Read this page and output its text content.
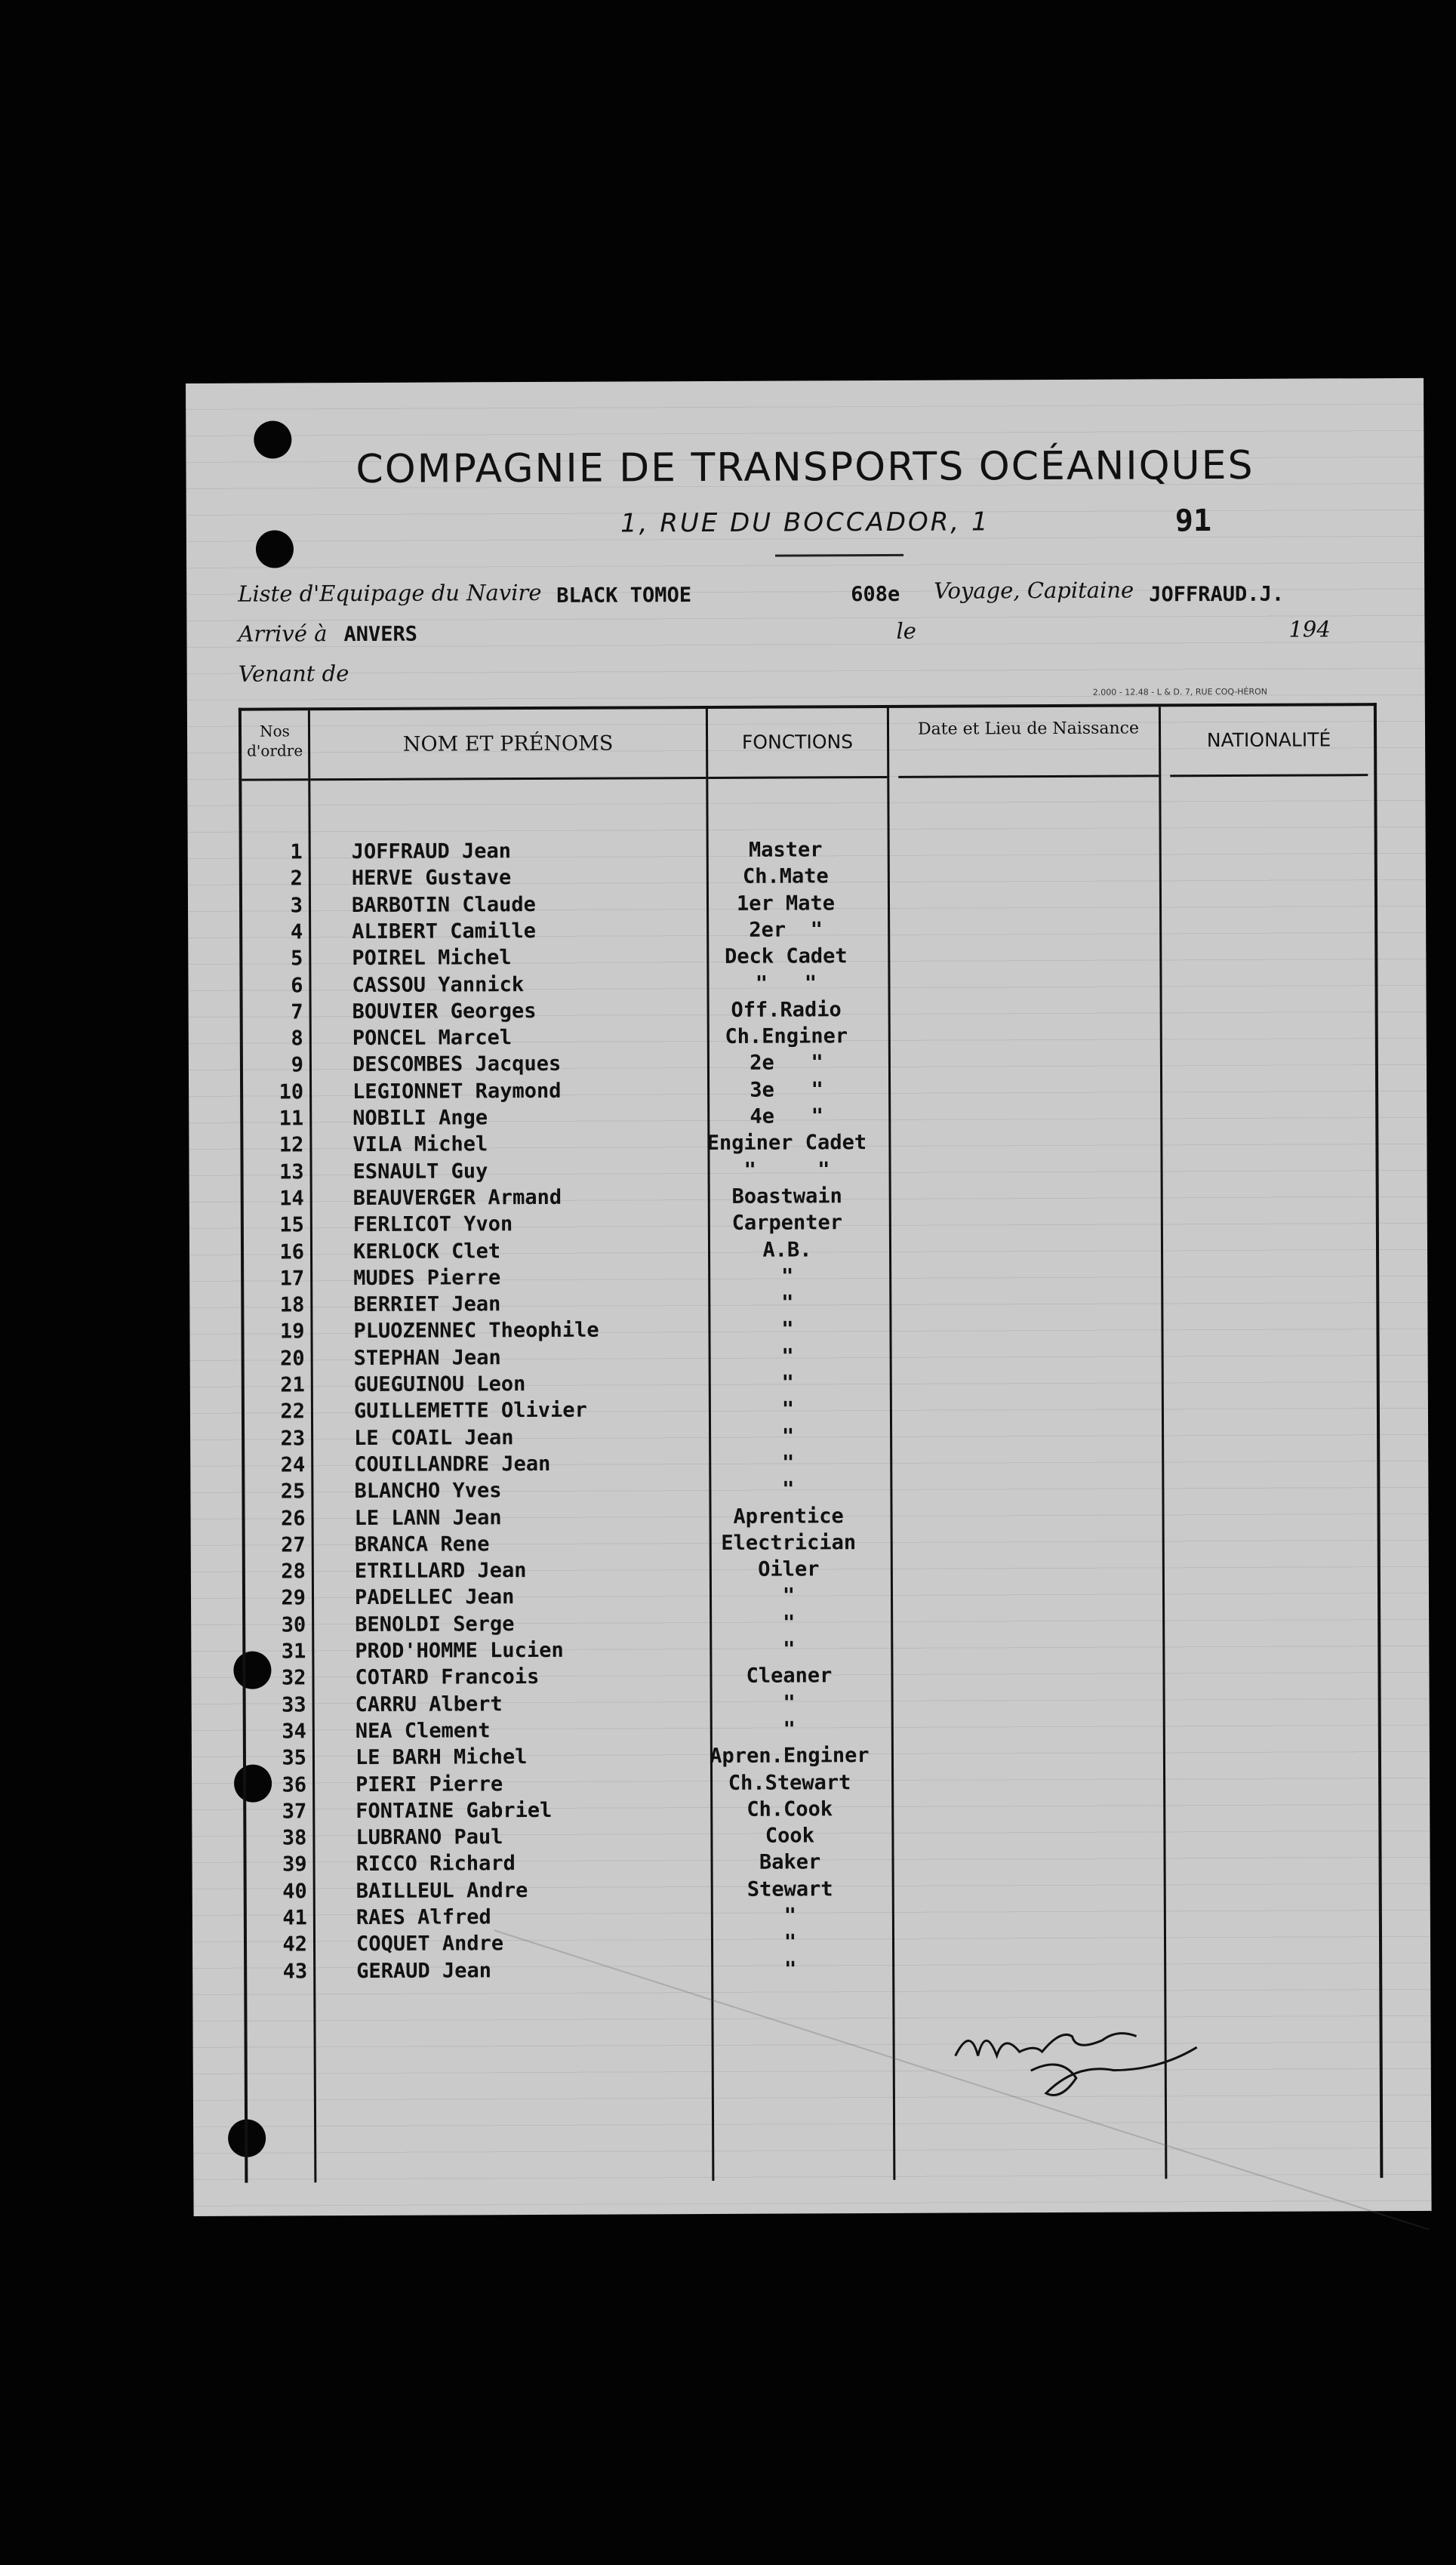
COMPAGNIE DE TRANSPORTS OCÉANIQUES
1, RUE DU BOCCADOR, 1	91
Liste d'Equipage du Navire BLACK TOMOE	608e Voyage, Capitaine JOFFRAUD.J.
Arrivé à ANVERS	le	194
Venant de
2.000 - 12.48 - L & D. 7, RUE COQ-HÉRON
Nos d'ordre	NOM ET PRÉNOMS	FONCTIONS
Date et Lieu de Naissance	NATIONALITÉ
1 JOFFRAUD Jean	Master
2 HERVE Gustave	Ch.Mate
3 BARBOTIN Claude	1er Mate
4 ALIBERT Camille	2er  "
5 POIREL Michel	Deck Cadet
6 CASSOU Yannick	"   "
7 BOUVIER Georges	Off.Radio
8 PONCEL Marcel	Ch.Enginer
9 DESCOMBES Jacques	2e   "
10 LEGIONNET Raymond	3e   "
11 NOBILI Ange	4e   "
12 VILA Michel	Enginer Cadet
13 ESNAULT Guy	"     "
14 BEAUVERGER Armand	Boastwain
15 FERLICOT Yvon	Carpenter
16 KERLOCK Clet	A.B.
17 MUDES Pierre	"
18 BERRIET Jean	"
19 PLUOZENNEC Theophile	"
20 STEPHAN Jean	"
21 GUEGUINOU Leon	"
22 GUILLEMETTE Olivier	"
23 LE COAIL Jean	"
24 COUILLANDRE Jean	"
25 BLANCHO Yves	"
26 LE LANN Jean	Aprentice
27 BRANCA Rene	Electrician
28 ETRILLARD Jean	Oiler
29 PADELLEC Jean	"
30 BENOLDI Serge	"
31 PROD'HOMME Lucien	"
32 COTARD Francois	Cleaner
33 CARRU Albert	"
34 NEA Clement	"
35 LE BARH Michel	Apren.Enginer
36 PIERI Pierre	Ch.Stewart
37 FONTAINE Gabriel	Ch.Cook
38 LUBRANO Paul	Cook
39 RICCO Richard	Baker
40 BAILLEUL Andre	Stewart
41 RAES Alfred	"
42 COQUET Andre	"
43 GERAUD Jean	"
